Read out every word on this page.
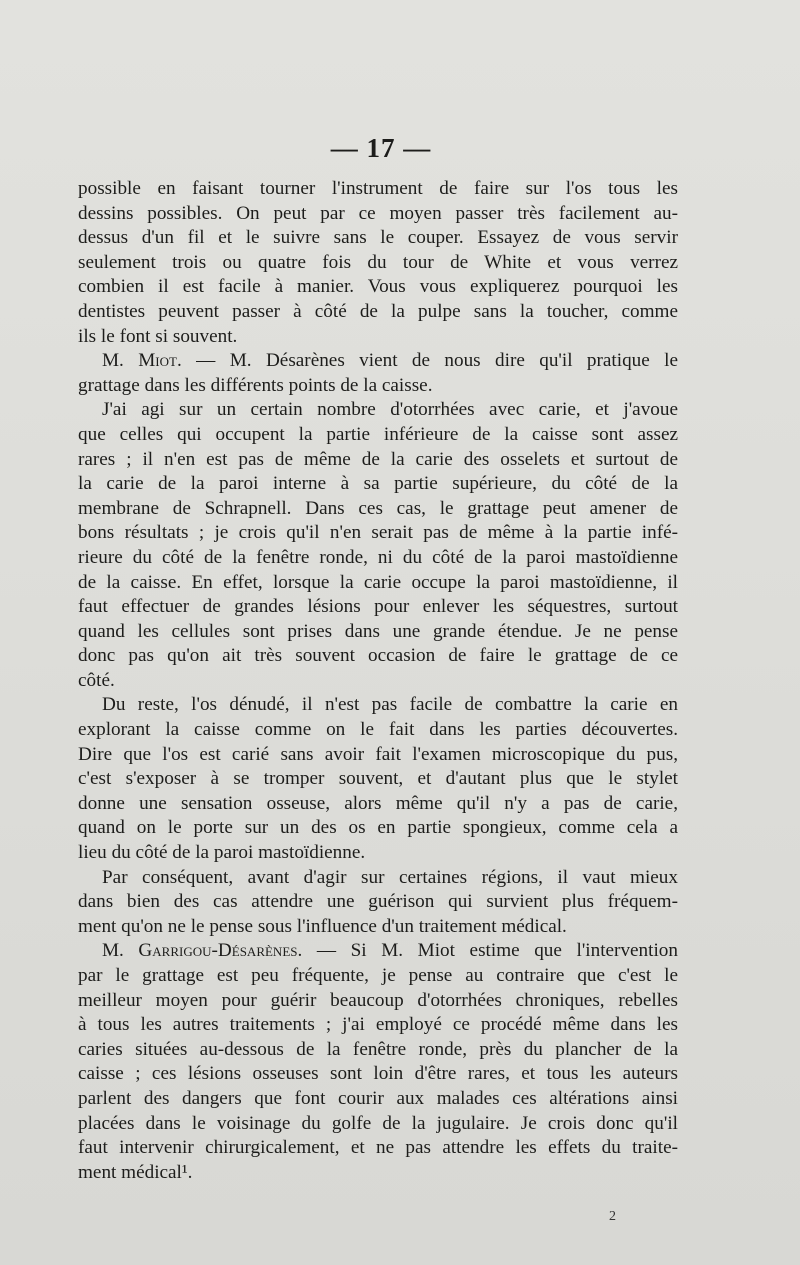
— 17 —
possible en faisant tourner l'instrument de faire sur l'os tous les
dessins possibles. On peut par ce moyen passer très facilement au-
dessus d'un fil et le suivre sans le couper. Essayez de vous servir
seulement trois ou quatre fois du tour de White et vous verrez
combien il est facile à manier. Vous vous expliquerez pourquoi les
dentistes peuvent passer à côté de la pulpe sans la toucher, comme
ils le font si souvent.
M. Miot. — M. Désarènes vient de nous dire qu'il pratique le
grattage dans les différents points de la caisse.
J'ai agi sur un certain nombre d'otorrhées avec carie, et j'avoue
que celles qui occupent la partie inférieure de la caisse sont assez
rares ; il n'en est pas de même de la carie des osselets et surtout de
la carie de la paroi interne à sa partie supérieure, du côté de la
membrane de Schrapnell. Dans ces cas, le grattage peut amener de
bons résultats ; je crois qu'il n'en serait pas de même à la partie infé-
rieure du côté de la fenêtre ronde, ni du côté de la paroi mastoïdienne
de la caisse. En effet, lorsque la carie occupe la paroi mastoïdienne, il
faut effectuer de grandes lésions pour enlever les séquestres, surtout
quand les cellules sont prises dans une grande étendue. Je ne pense
donc pas qu'on ait très souvent occasion de faire le grattage de ce
côté.
Du reste, l'os dénudé, il n'est pas facile de combattre la carie en
explorant la caisse comme on le fait dans les parties découvertes.
Dire que l'os est carié sans avoir fait l'examen microscopique du pus,
c'est s'exposer à se tromper souvent, et d'autant plus que le stylet
donne une sensation osseuse, alors même qu'il n'y a pas de carie,
quand on le porte sur un des os en partie spongieux, comme cela a
lieu du côté de la paroi mastoïdienne.
Par conséquent, avant d'agir sur certaines régions, il vaut mieux
dans bien des cas attendre une guérison qui survient plus fréquem-
ment qu'on ne le pense sous l'influence d'un traitement médical.
M. Garrigou-Désarènes. — Si M. Miot estime que l'intervention
par le grattage est peu fréquente, je pense au contraire que c'est le
meilleur moyen pour guérir beaucoup d'otorrhées chroniques, rebelles
à tous les autres traitements ; j'ai employé ce procédé même dans les
caries situées au-dessous de la fenêtre ronde, près du plancher de la
caisse ; ces lésions osseuses sont loin d'être rares, et tous les auteurs
parlent des dangers que font courir aux malades ces altérations ainsi
placées dans le voisinage du golfe de la jugulaire. Je crois donc qu'il
faut intervenir chirurgicalement, et ne pas attendre les effets du traite-
ment médical¹.
2
